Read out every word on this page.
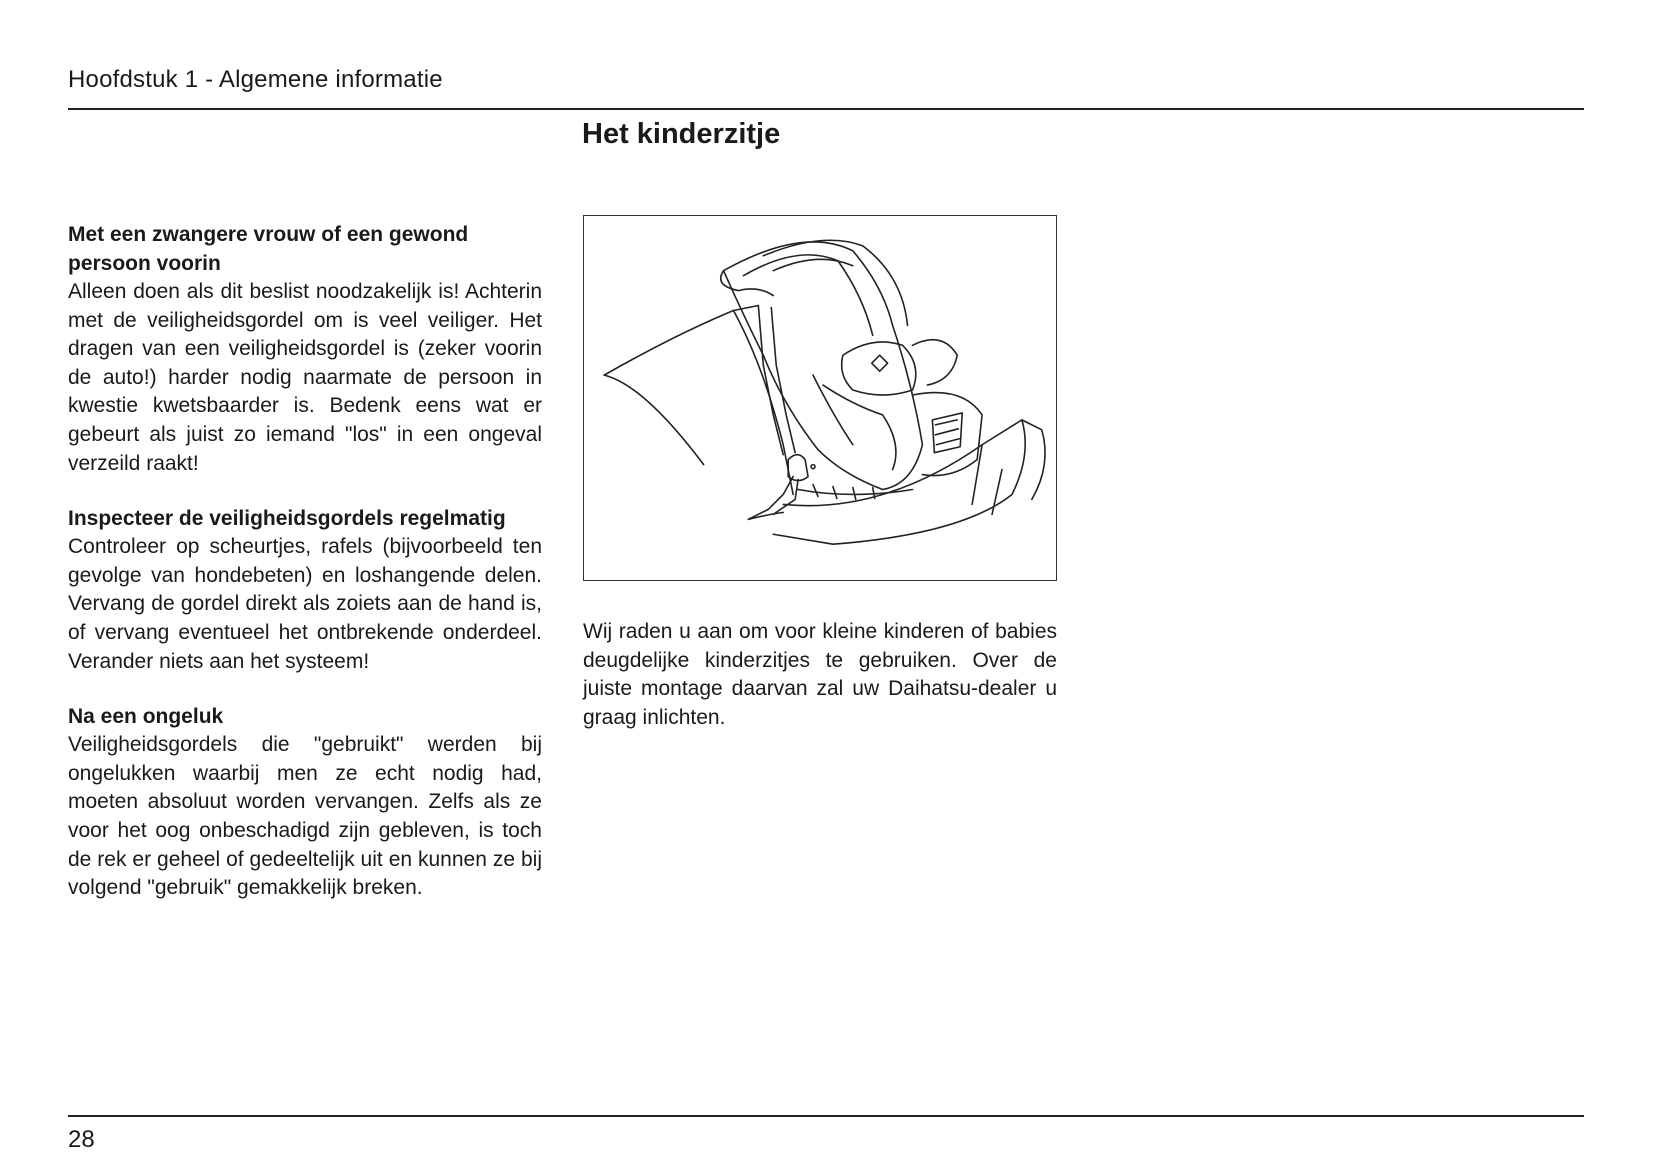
Hoofdstuk 1 - Algemene informatie
Het kinderzitje
Met een zwangere vrouw of een gewond persoon voorin

Alleen doen als dit beslist noodzakelijk is! Achterin met de veiligheidsgordel om is veel veiliger. Het dragen van een veiligheidsgordel is (zeker voorin de auto!) harder nodig naarmate de persoon in kwestie kwetsbaarder is. Bedenk eens wat er gebeurt als juist zo iemand "los" in een ongeval verzeild raakt!

Inspecteer de veiligheidsgordels regelmatig

Controleer op scheurtjes, rafels (bijvoorbeeld ten gevolge van hondebeten) en loshangende delen. Vervang de gordel direkt als zoiets aan de hand is, of vervang eventueel het ontbrekende onderdeel. Verander niets aan het systeem!

Na een ongeluk

Veiligheidsgordels die "gebruikt" werden bij ongelukken waarbij men ze echt nodig had, moeten absoluut worden vervangen. Zelfs als ze voor het oog onbeschadigd zijn gebleven, is toch de rek er geheel of gedeeltelijk uit en kunnen ze bij volgend "gebruik" gemakkelijk breken.

Wij raden u aan om voor kleine kinderen of babies deugdelijke kinderzitjes te gebruiken. Over de juiste montage daarvan zal uw Daihatsu-dealer u graag inlichten.

28
